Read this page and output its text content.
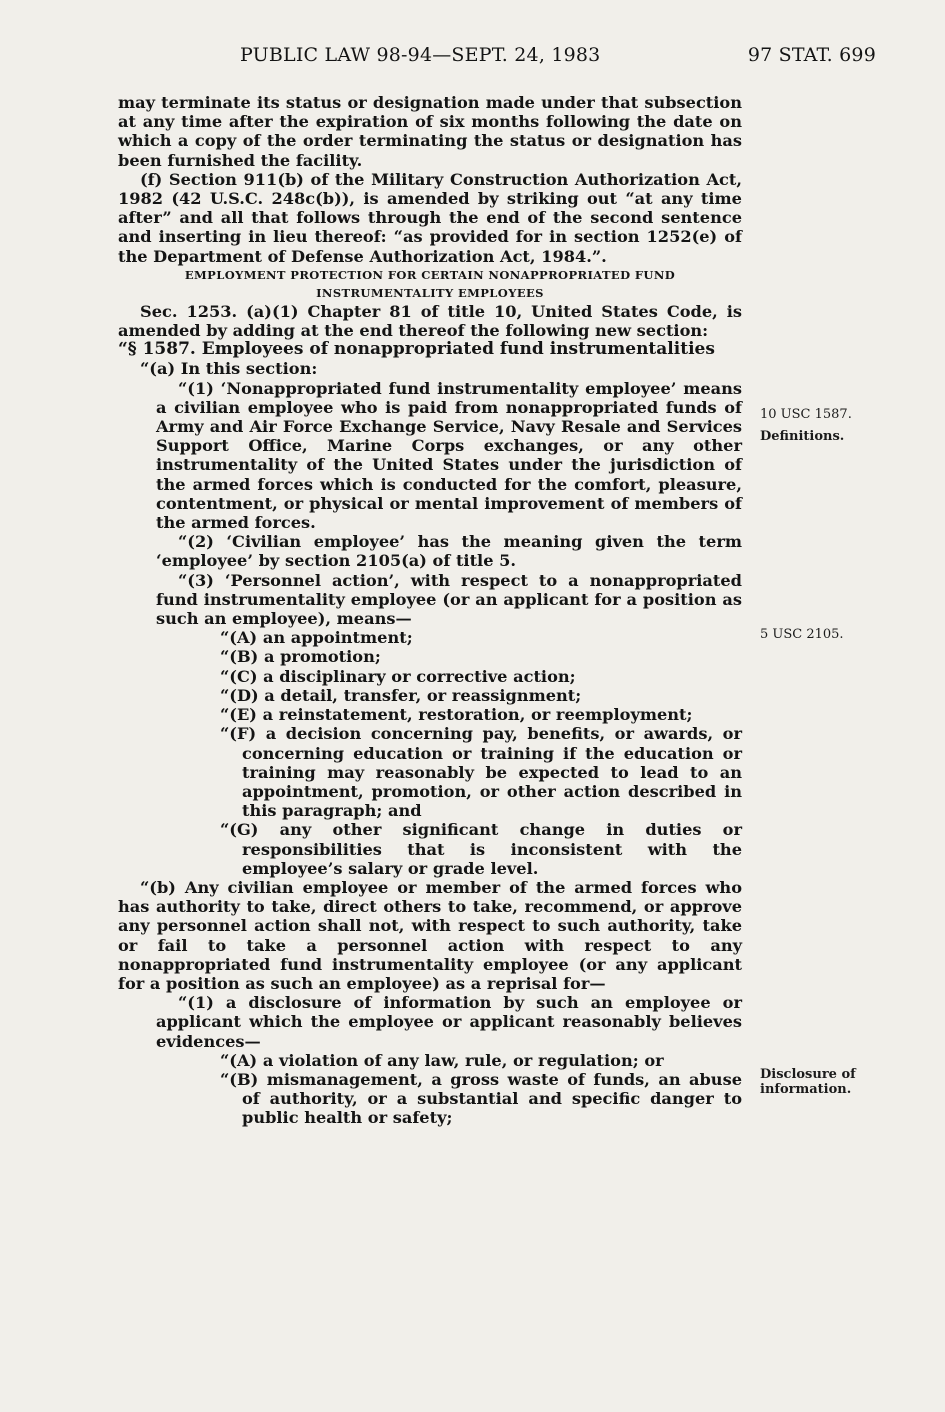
PUBLIC LAW 98-94—SEPT. 24, 1983	97 STAT. 699

may terminate its status or designation made under that subsection at any time after the expiration of six months following the date on which a copy of the order terminating the status or designation has been furnished the facility.

(f) Section 911(b) of the Military Construction Authorization Act, 1982 (42 U.S.C. 248c(b)), is amended by striking out “at any time after” and all that follows through the end of the second sentence and inserting in lieu thereof: “as provided for in section 1252(e) of the Department of Defense Authorization Act, 1984.”.

EMPLOYMENT PROTECTION FOR CERTAIN NONAPPROPRIATED FUND INSTRUMENTALITY EMPLOYEES

Sec. 1253. (a)(1) Chapter 81 of title 10, United States Code, is amended by adding at the end thereof the following new section:

“§ 1587. Employees of nonappropriated fund instrumentalities

“(a) In this section:

“(1) ‘Nonappropriated fund instrumentality employee’ means a civilian employee who is paid from nonappropriated funds of Army and Air Force Exchange Service, Navy Resale and Services Support Office, Marine Corps exchanges, or any other instrumentality of the United States under the jurisdiction of the armed forces which is conducted for the comfort, pleasure, contentment, or physical or mental improvement of members of the armed forces.

“(2) ‘Civilian employee’ has the meaning given the term ‘employee’ by section 2105(a) of title 5.

“(3) ‘Personnel action’, with respect to a nonappropriated fund instrumentality employee (or an applicant for a position as such an employee), means—

“(A) an appointment;

“(B) a promotion;

“(C) a disciplinary or corrective action;

“(D) a detail, transfer, or reassignment;

“(E) a reinstatement, restoration, or reemployment;

“(F) a decision concerning pay, benefits, or awards, or concerning education or training if the education or training may reasonably be expected to lead to an appointment, promotion, or other action described in this paragraph; and

“(G) any other significant change in duties or responsibilities that is inconsistent with the employee’s salary or grade level.

“(b) Any civilian employee or member of the armed forces who has authority to take, direct others to take, recommend, or approve any personnel action shall not, with respect to such authority, take or fail to take a personnel action with respect to any nonappropriated fund instrumentality employee (or any applicant for a position as such an employee) as a reprisal for—

“(1) a disclosure of information by such an employee or applicant which the employee or applicant reasonably believes evidences—

“(A) a violation of any law, rule, or regulation; or

“(B) mismanagement, a gross waste of funds, an abuse of authority, or a substantial and specific danger to public health or safety;

10 USC 1587.
Definitions.
5 USC 2105.
Disclosure of information.
